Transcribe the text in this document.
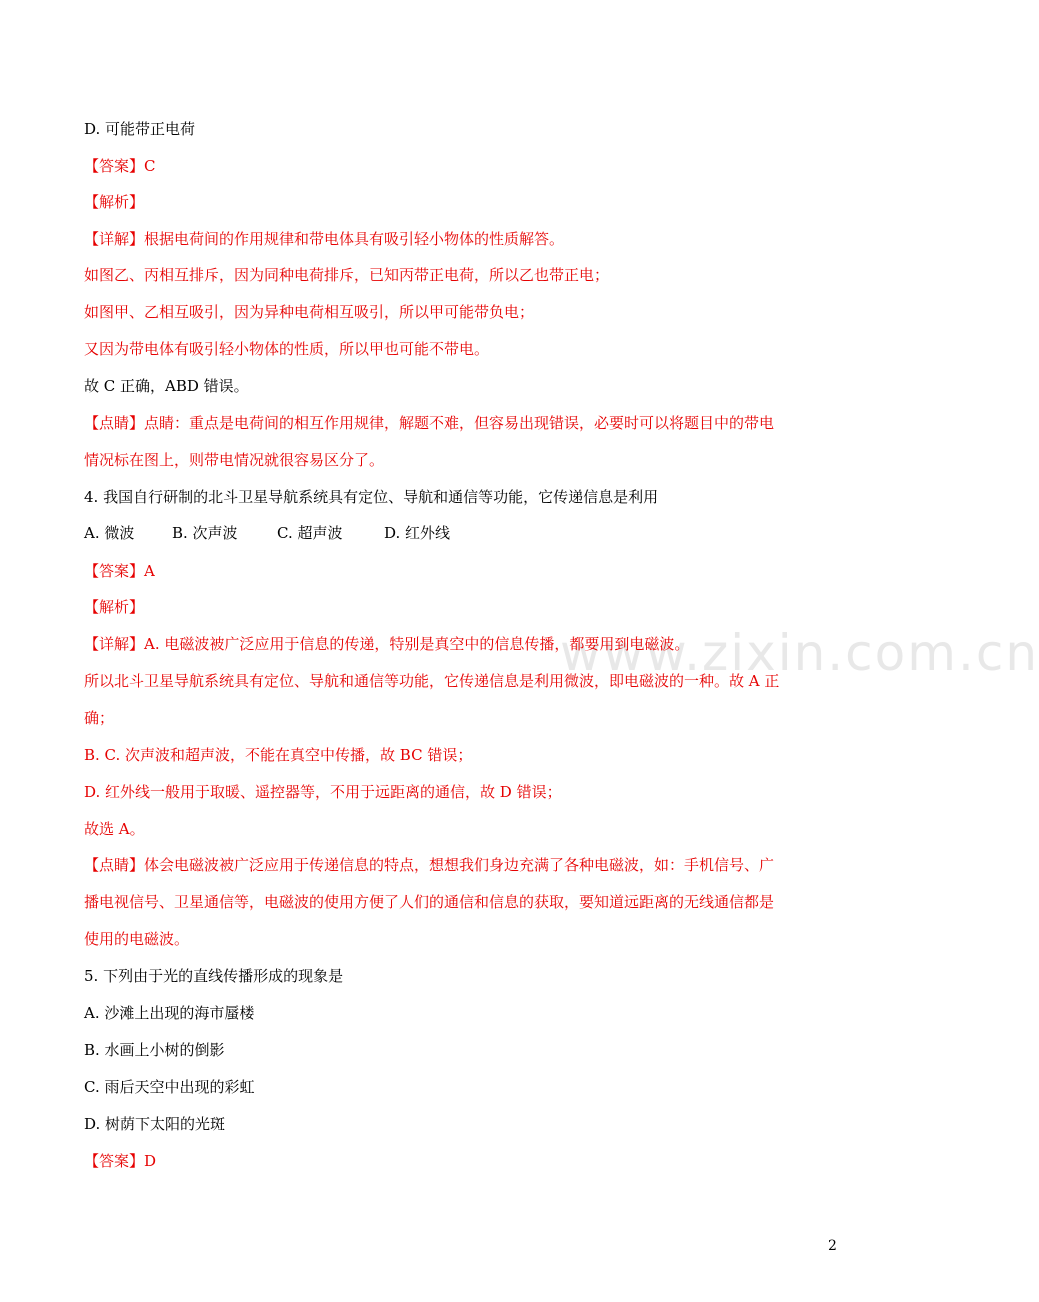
www.zixin.com.cn
D. 可能带正电荷
【答案】C
【解析】
【详解】根据电荷间的作用规律和带电体具有吸引轻小物体的性质解答。
如图乙、丙相互排斥，因为同种电荷排斥，已知丙带正电荷，所以乙也带正电；
如图甲、乙相互吸引，因为异种电荷相互吸引，所以甲可能带负电；
又因为带电体有吸引轻小物体的性质，所以甲也可能不带电。
故 C 正确，ABD 错误。
【点睛】点睛：重点是电荷间的相互作用规律，解题不难，但容易出现错误，必要时可以将题目中的带电
情况标在图上，则带电情况就很容易区分了。
4. 我国自行研制的北斗卫星导航系统具有定位、导航和通信等功能，它传递信息是利用
A. 微波	B. 次声波	C. 超声波	D. 红外线
【答案】A
【解析】
【详解】A. 电磁波被广泛应用于信息的传递，特别是真空中的信息传播，都要用到电磁波。
所以北斗卫星导航系统具有定位、导航和通信等功能，它传递信息是利用微波，即电磁波的一种。故 A 正
确；
B. C. 次声波和超声波，不能在真空中传播，故 BC 错误；
D. 红外线一般用于取暖、遥控器等，不用于远距离的通信，故 D 错误；
故选 A。
【点睛】体会电磁波被广泛应用于传递信息的特点，想想我们身边充满了各种电磁波，如：手机信号、广
播电视信号、卫星通信等，电磁波的使用方便了人们的通信和信息的获取，要知道远距离的无线通信都是
使用的电磁波。
5. 下列由于光的直线传播形成的现象是
A. 沙滩上出现的海市蜃楼
B. 水画上小树的倒影
C. 雨后天空中出现的彩虹
D. 树荫下太阳的光斑
【答案】D
2
